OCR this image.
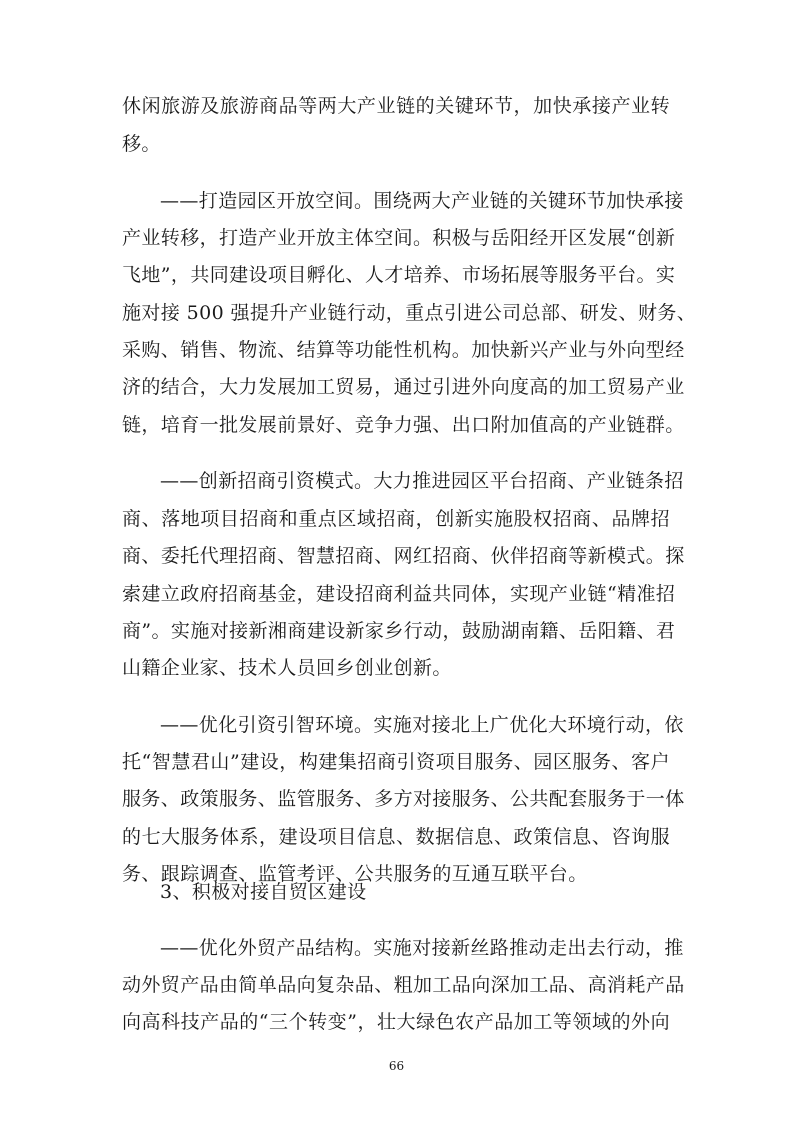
休闲旅游及旅游商品等两大产业链的关键环节，加快承接产业转
移。
——打造园区开放空间。围绕两大产业链的关键环节加快承接
产业转移，打造产业开放主体空间。积极与岳阳经开区发展“创新
飞地”，共同建设项目孵化、人才培养、市场拓展等服务平台。实
施对接 500 强提升产业链行动，重点引进公司总部、研发、财务、
采购、销售、物流、结算等功能性机构。加快新兴产业与外向型经
济的结合，大力发展加工贸易，通过引进外向度高的加工贸易产业
链，培育一批发展前景好、竞争力强、出口附加值高的产业链群。
——创新招商引资模式。大力推进园区平台招商、产业链条招
商、落地项目招商和重点区域招商，创新实施股权招商、品牌招
商、委托代理招商、智慧招商、网红招商、伙伴招商等新模式。探
索建立政府招商基金，建设招商利益共同体，实现产业链“精准招
商”。实施对接新湘商建设新家乡行动，鼓励湖南籍、岳阳籍、君
山籍企业家、技术人员回乡创业创新。
——优化引资引智环境。实施对接北上广优化大环境行动，依
托“智慧君山”建设，构建集招商引资项目服务、园区服务、客户
服务、政策服务、监管服务、多方对接服务、公共配套服务于一体
的七大服务体系，建设项目信息、数据信息、政策信息、咨询服
务、跟踪调查、监管考评、公共服务的互通互联平台。
3、积极对接自贸区建设
——优化外贸产品结构。实施对接新丝路推动走出去行动，推
动外贸产品由简单品向复杂品、粗加工品向深加工品、高消耗产品
向高科技产品的“三个转变”，壮大绿色农产品加工等领域的外向
66
